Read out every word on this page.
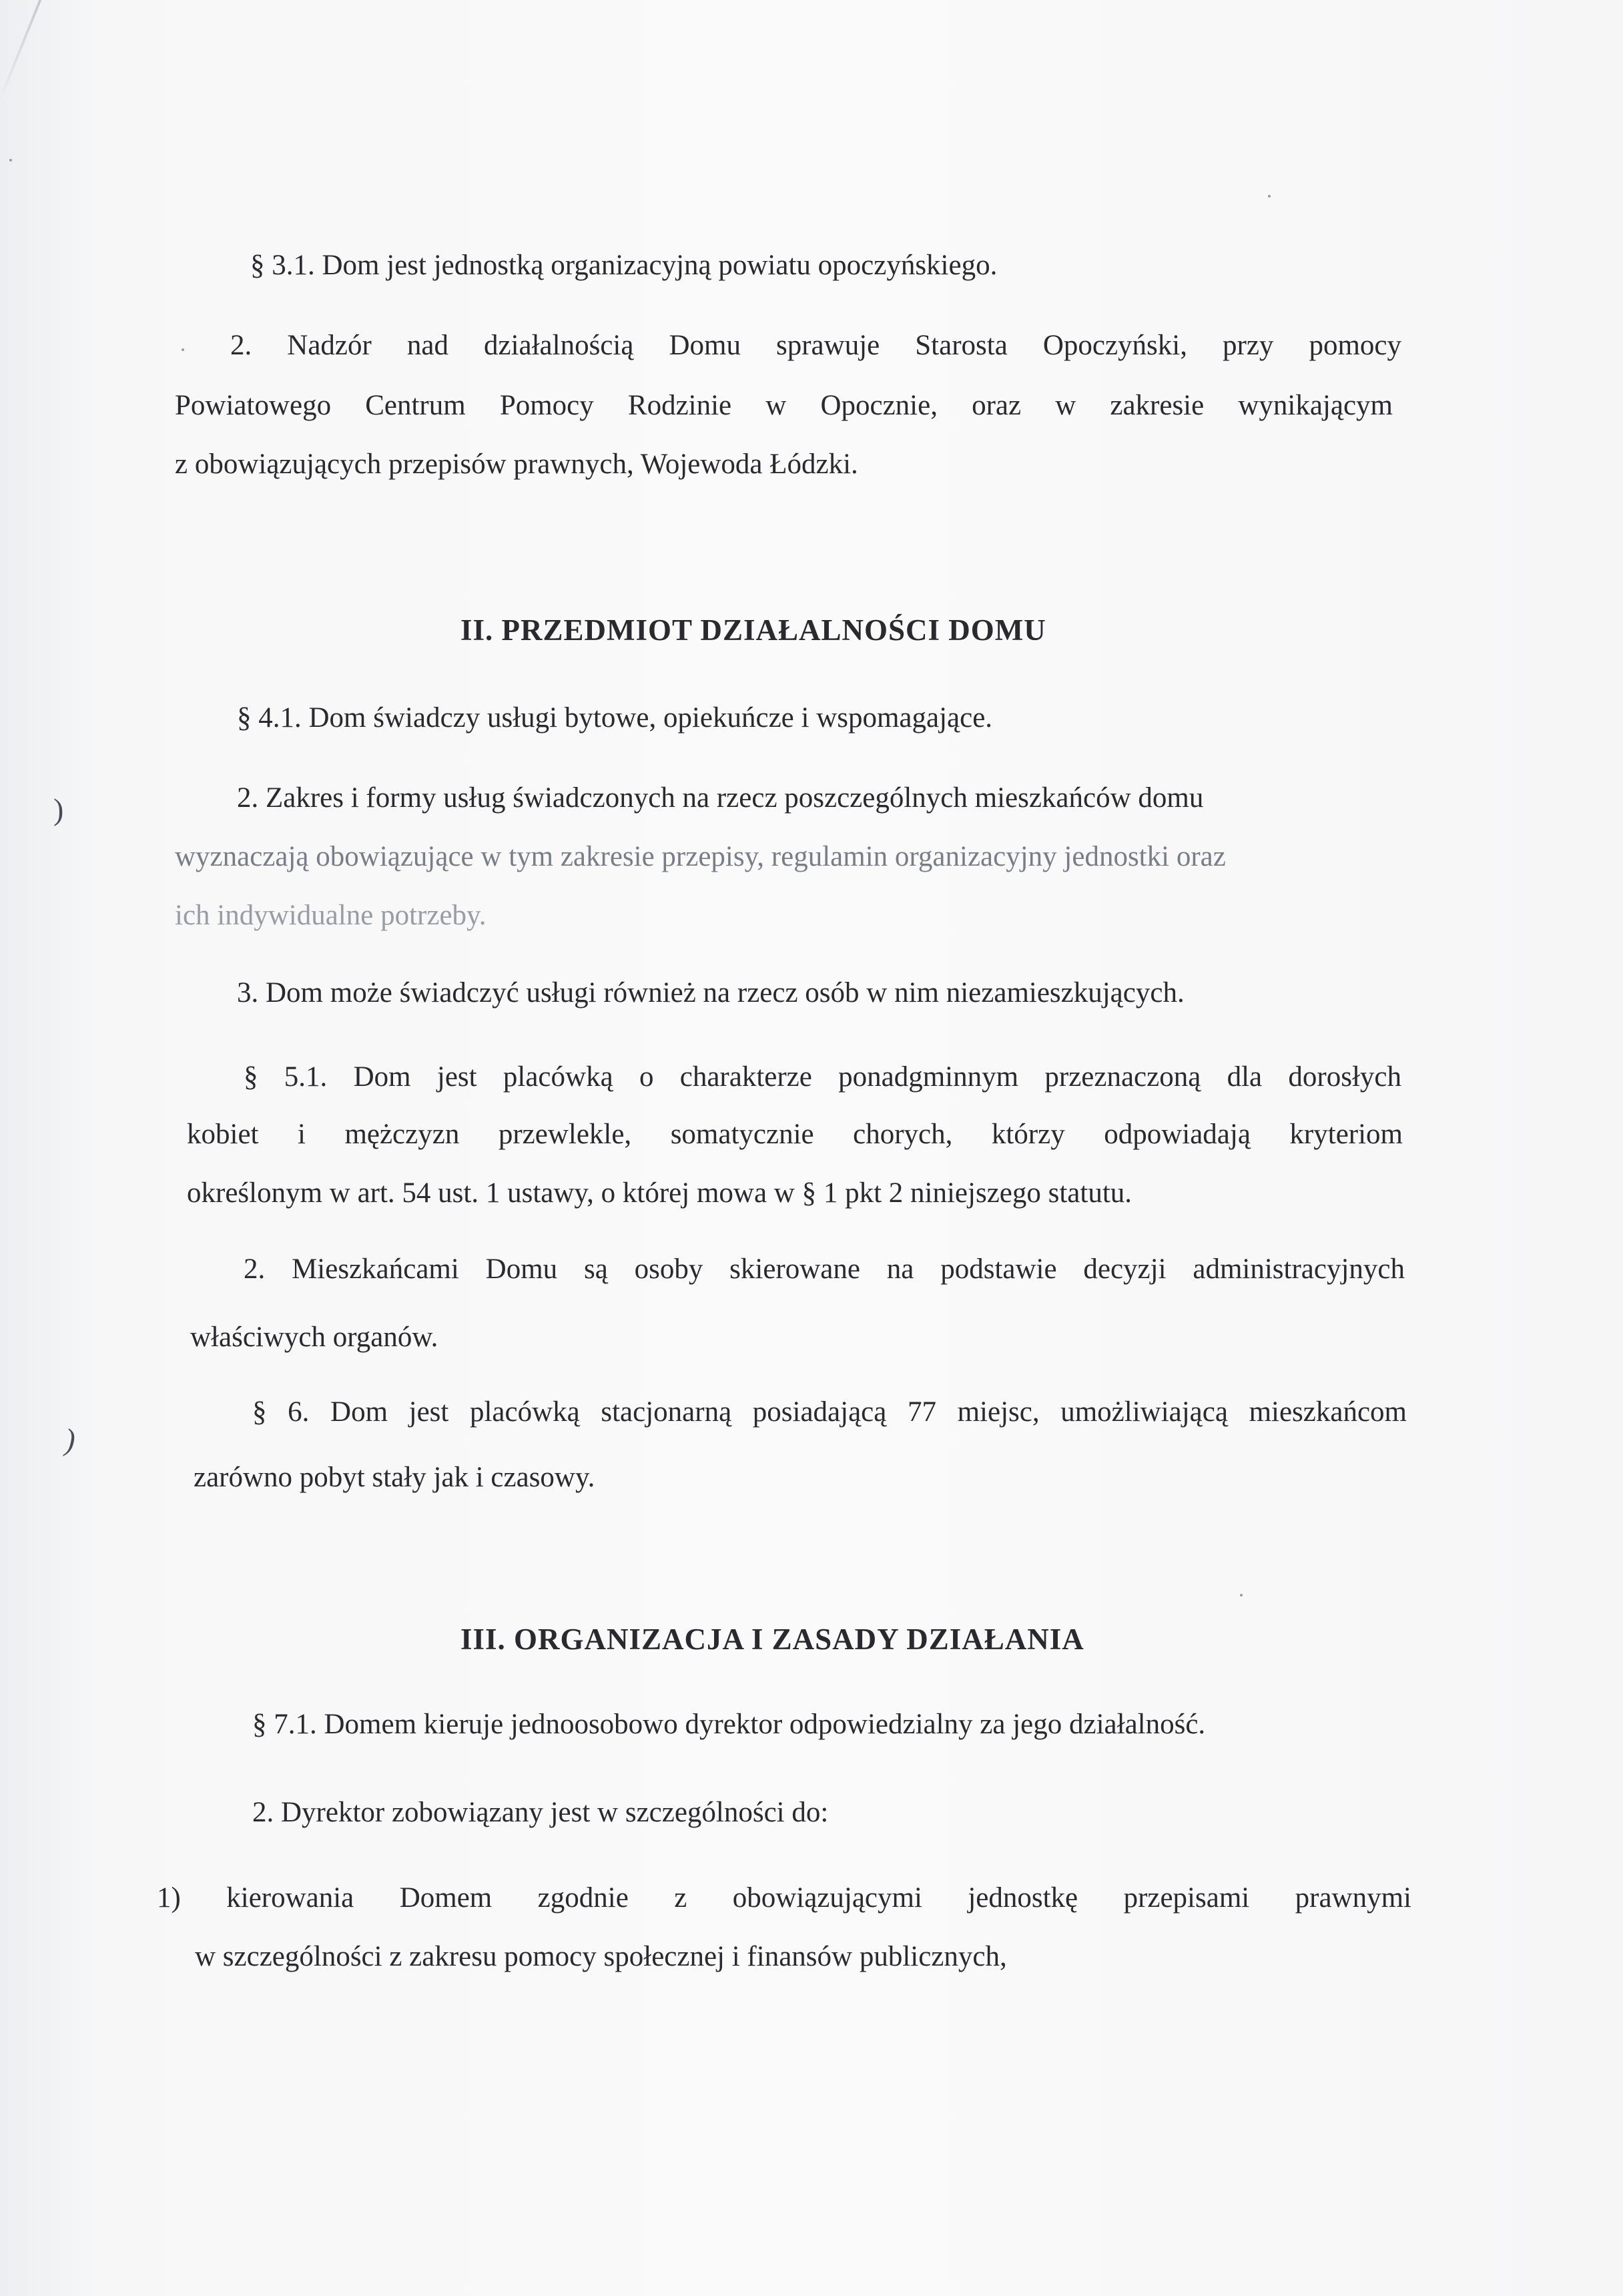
§ 3.1. Dom jest jednostką organizacyjną powiatu opoczyńskiego.
2. Nadzór nad działalnością Domu sprawuje Starosta Opoczyński, przy pomocy
Powiatowego Centrum Pomocy Rodzinie w Opocznie, oraz w zakresie wynikającym
z obowiązujących przepisów prawnych, Wojewoda Łódzki.
II. PRZEDMIOT DZIAŁALNOŚCI DOMU
§ 4.1. Dom świadczy usługi bytowe, opiekuńcze i wspomagające.
2. Zakres i formy usług świadczonych na rzecz poszczególnych mieszkańców domu
wyznaczają obowiązujące w tym zakresie przepisy, regulamin organizacyjny jednostki oraz
ich indywidualne potrzeby.
3. Dom może świadczyć usługi również na rzecz osób w nim niezamieszkujących.
§ 5.1. Dom jest placówką o charakterze ponadgminnym przeznaczoną dla dorosłych
kobiet i mężczyzn przewlekle, somatycznie chorych, którzy odpowiadają kryteriom
określonym w art. 54 ust. 1 ustawy, o której mowa w § 1 pkt 2 niniejszego statutu.
2. Mieszkańcami Domu są osoby skierowane na podstawie decyzji administracyjnych
właściwych organów.
§ 6. Dom jest placówką stacjonarną posiadającą 77 miejsc, umożliwiającą mieszkańcom
zarówno pobyt stały jak i czasowy.
III. ORGANIZACJA I ZASADY DZIAŁANIA
§ 7.1. Domem kieruje jednoosobowo dyrektor odpowiedzialny za jego działalność.
2. Dyrektor zobowiązany jest w szczególności do:
1) kierowania Domem zgodnie z obowiązującymi jednostkę przepisami prawnymi
w szczególności z zakresu pomocy społecznej i finansów publicznych,
)
)
